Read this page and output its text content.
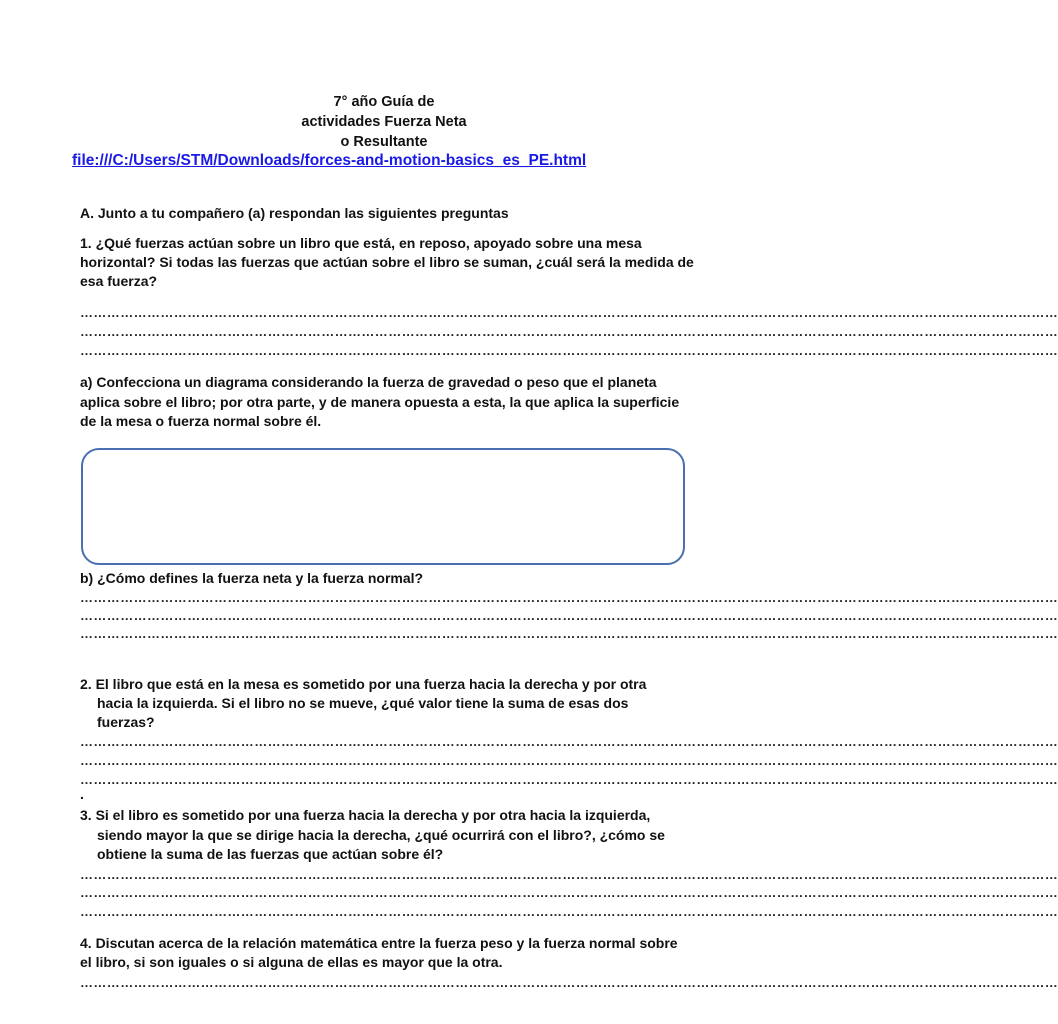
7° año Guía de
actividades Fuerza Neta
o Resultante
file:///C:/Users/STM/Downloads/forces-and-motion-basics_es_PE.html
A. Junto a tu compañero (a) respondan las siguientes preguntas
1. ¿Qué fuerzas actúan sobre un libro que está, en reposo, apoyado sobre una mesa
horizontal? Si todas las fuerzas que actúan sobre el libro se suman, ¿cuál será la medida de
esa fuerza?
…………………………………………………………………………………………………………………………………………………………………………………………………
…………………………………………………………………………………………………………………………………………………………………………………………………
…………………………………………………………………………………………………………………………………………………………………………………………………
a) Confecciona un diagrama considerando la fuerza de gravedad o peso que el planeta
aplica sobre el libro; por otra parte, y de manera opuesta a esta, la que aplica la superficie
de la mesa o fuerza normal sobre él.
b) ¿Cómo defines la fuerza neta y la fuerza normal?
…………………………………………………………………………………………………………………………………………………………………………………………………
…………………………………………………………………………………………………………………………………………………………………………………………………
…………………………………………………………………………………………………………………………………………………………………………………………………
2. El libro que está en la mesa es sometido por una fuerza hacia la derecha y por otra
hacia la izquierda. Si el libro no se mueve, ¿qué valor tiene la suma de esas dos
fuerzas?
…………………………………………………………………………………………………………………………………………………………………………………………………
…………………………………………………………………………………………………………………………………………………………………………………………………
…………………………………………………………………………………………………………………………………………………………………………………………………
.
3. Si el libro es sometido por una fuerza hacia la derecha y por otra hacia la izquierda,
siendo mayor la que se dirige hacia la derecha, ¿qué ocurrirá con el libro?, ¿cómo se
obtiene la suma de las fuerzas que actúan sobre él?
…………………………………………………………………………………………………………………………………………………………………………………………………
…………………………………………………………………………………………………………………………………………………………………………………………………
…………………………………………………………………………………………………………………………………………………………………………………………………
4. Discutan acerca de la relación matemática entre la fuerza peso y la fuerza normal sobre
el libro, si son iguales o si alguna de ellas es mayor que la otra.
…………………………………………………………………………………………………………………………………………………………………………………………………
